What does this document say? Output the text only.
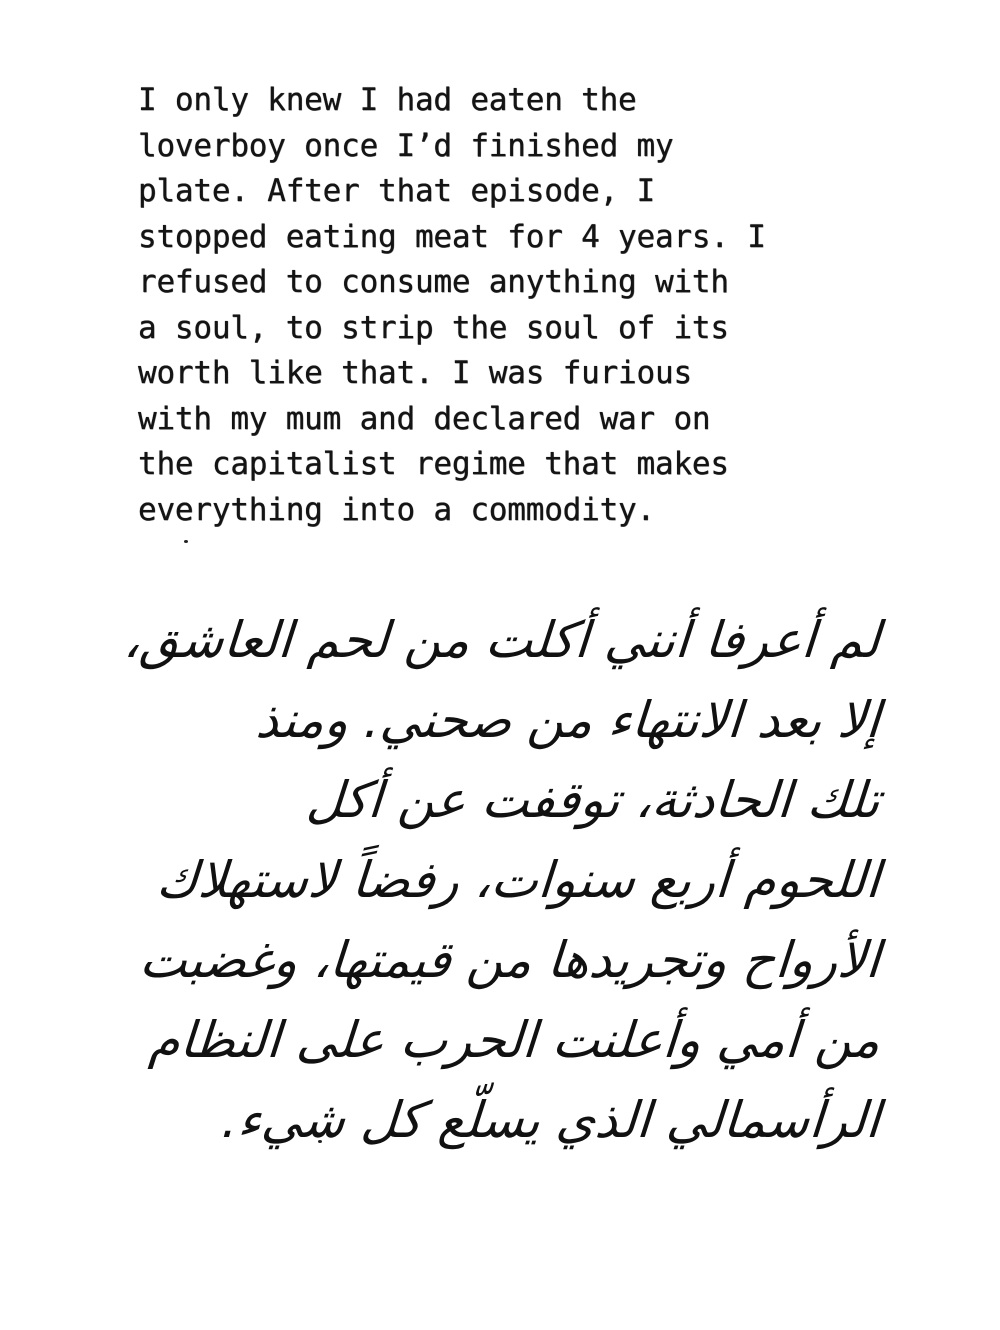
I only knew I had eaten the
loverboy once I’d finished my
plate. After that episode, I
stopped eating meat for 4 years. I
refused to consume anything with
a soul, to strip the soul of its
worth like that. I was furious
with my mum and declared war on
the capitalist regime that makes
everything into a commodity.
لم أعرفا أنني أكلت من لحم العاشق،
إلا بعد الانتهاء من صحني. ومنذ
تلك الحادثة، توقفت عن أكل
اللحوم أربع سنوات، رفضاً لاستهلاك
الأرواح وتجريدها من قيمتها، وغضبت
من أمي وأعلنت الحرب على النظام
الرأسمالي الذي يسلّع كل شيء.
